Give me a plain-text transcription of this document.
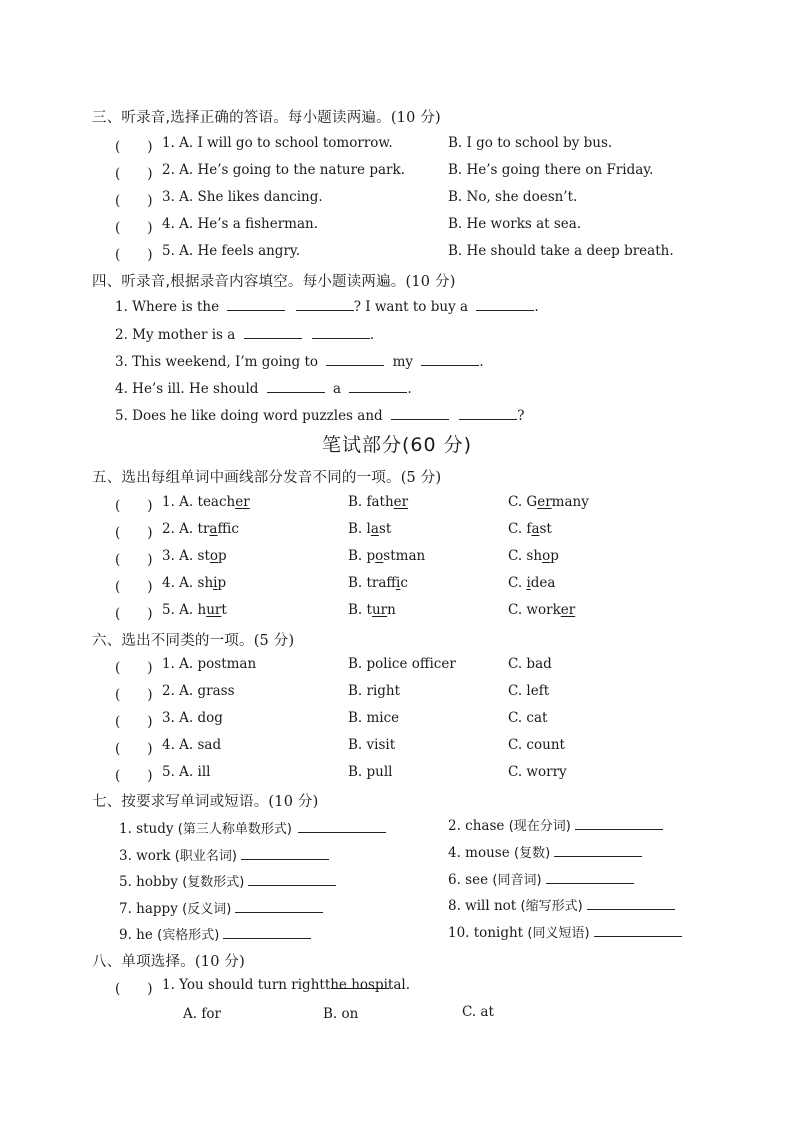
三、听录音,选择正确的答语。每小题读两遍。(10 分)
(　　) 1. A. I will go to school tomorrow.	B. I go to school by bus.
(　　) 2. A. He’s going to the nature park.	B. He’s going there on Friday.
(　　) 3. A. She likes dancing.	B. No, she doesn’t.
(　　) 4. A. He’s a fisherman.	B. He works at sea.
(　　) 5. A. He feels angry.	B. He should take a deep breath.
四、听录音,根据录音内容填空。每小题读两遍。(10 分)
1. Where is the	? I want to buy a	.
2. My mother is a	.
3. This weekend, I’m going to	my	.
4. He’s ill. He should	a	.
5. Does he like doing word puzzles and	?
笔试部分(60 分)
五、选出每组单词中画线部分发音不同的一项。(5 分)
(　　) 1. A. teacher	B. father	C. Germany
(　　) 2. A. traffic	B. last	C. fast
(　　) 3. A. stop	B. postman	C. shop
(　　) 4. A. ship	B. traffic	C. idea
(　　) 5. A. hurt	B. turn	C. worker
六、选出不同类的一项。(5 分)
(　　) 1. A. postman	B. police officer	C. bad
(　　) 2. A. grass	B. right	C. left
(　　) 3. A. dog	B. mice	C. cat
(　　) 4. A. sad	B. visit	C. count
(　　) 5. A. ill	B. pull	C. worry
七、按要求写单词或短语。(10 分)
1. study (第三人称单数形式)	2. chase (现在分词)
3. work (职业名词)	4. mouse (复数)
5. hobby (复数形式)	6. see (同音词)
7. happy (反义词)	8. will not (缩写形式)
9. he (宾格形式)	10. tonight (同义短语)
八、单项选择。(10 分)
(　　) 1. You should turn right
the hospital.
A. for	B. on	C. at
